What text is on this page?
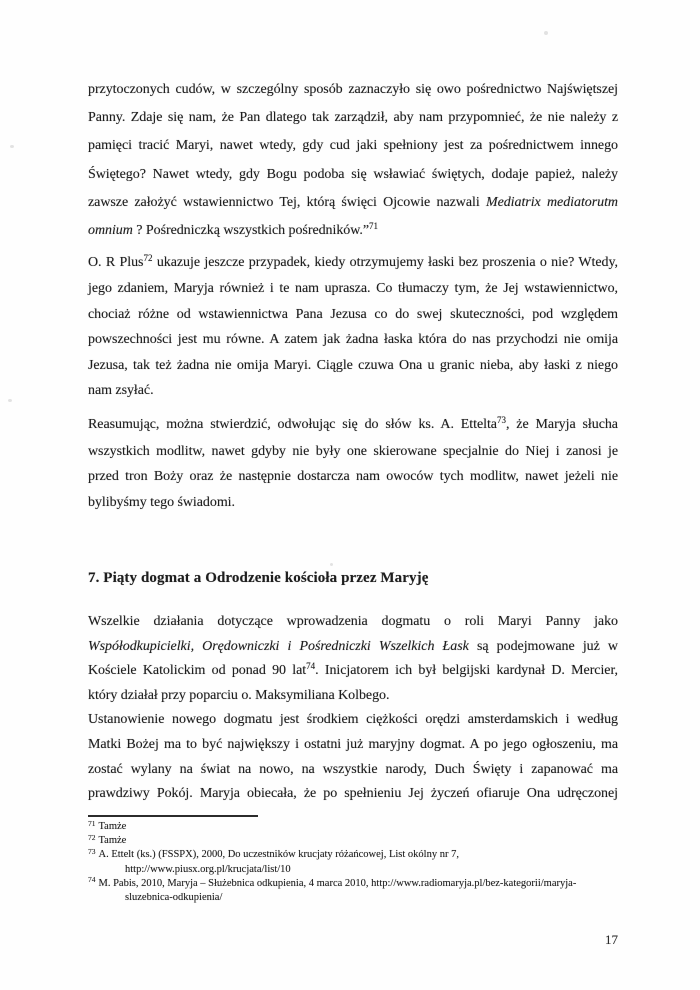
przytoczonych cudów, w szczególny sposób zaznaczyło się owo pośrednictwo Najświętszej
Panny. Zdaje się nam, że Pan dlatego tak zarządził, aby nam przypomnieć, że nie należy z
pamięci tracić Maryi, nawet wtedy, gdy cud jaki spełniony jest za pośrednictwem innego
Świętego? Nawet wtedy, gdy Bogu podoba się wsławiać świętych, dodaje papież, należy
zawsze założyć wstawiennictwo Tej, którą święci Ojcowie nazwali Mediatrix mediatorutm
omnium ? Pośredniczką wszystkich pośredników.”$^{71}$
O. R Plus$^{72}$ ukazuje jeszcze przypadek, kiedy otrzymujemy łaski bez proszenia o nie? Wtedy,
jego zdaniem, Maryja również i te nam uprasza. Co tłumaczy tym, że Jej wstawiennictwo,
chociaż różne od wstawiennictwa Pana Jezusa co do swej skuteczności, pod względem
powszechności jest mu równe. A zatem jak żadna łaska która do nas przychodzi nie omija
Jezusa, tak też żadna nie omija Maryi. Ciągle czuwa Ona u granic nieba, aby łaski z niego
nam zsyłać.
Reasumując, można stwierdzić, odwołując się do słów ks. A. Ettelta$^{73}$, że Maryja słucha
wszystkich modlitw, nawet gdyby nie były one skierowane specjalnie do Niej i zanosi je
przed tron Boży oraz że następnie dostarcza nam owoców tych modlitw, nawet jeżeli nie
bylibyśmy tego świadomi.
7. Piąty dogmat a Odrodzenie kościoła przez Maryję
Wszelkie działania dotyczące wprowadzenia dogmatu o roli Maryi Panny jako
Współodkupicielki, Orędowniczki i Pośredniczki Wszelkich Łask są podejmowane już w
Kościele Katolickim od ponad 90 lat$^{74}$. Inicjatorem ich był belgijski kardynał D. Mercier,
który działał przy poparciu o. Maksymiliana Kolbego.
Ustanowienie nowego dogmatu jest środkiem ciężkości orędzi amsterdamskich i według
Matki Bożej ma to być największy i ostatni już maryjny dogmat. A po jego ogłoszeniu, ma
zostać wylany na świat na nowo, na wszystkie narody, Duch Święty i zapanować ma
prawdziwy Pokój. Maryja obiecała, że po spełnieniu Jej życzeń ofiaruje Ona udręczonej
$^{71}$ Tamże
$^{72}$ Tamże
$^{73}$ A. Ettelt (ks.) (FSSPX), 2000, Do uczestników krucjaty różańcowej, List okólny nr 7,
http://www.piusx.org.pl/krucjata/list/10
$^{74}$ M. Pabis, 2010, Maryja – Służebnica odkupienia, 4 marca 2010, http://www.radiomaryja.pl/bez-kategorii/maryja-
sluzebnica-odkupienia/
17
